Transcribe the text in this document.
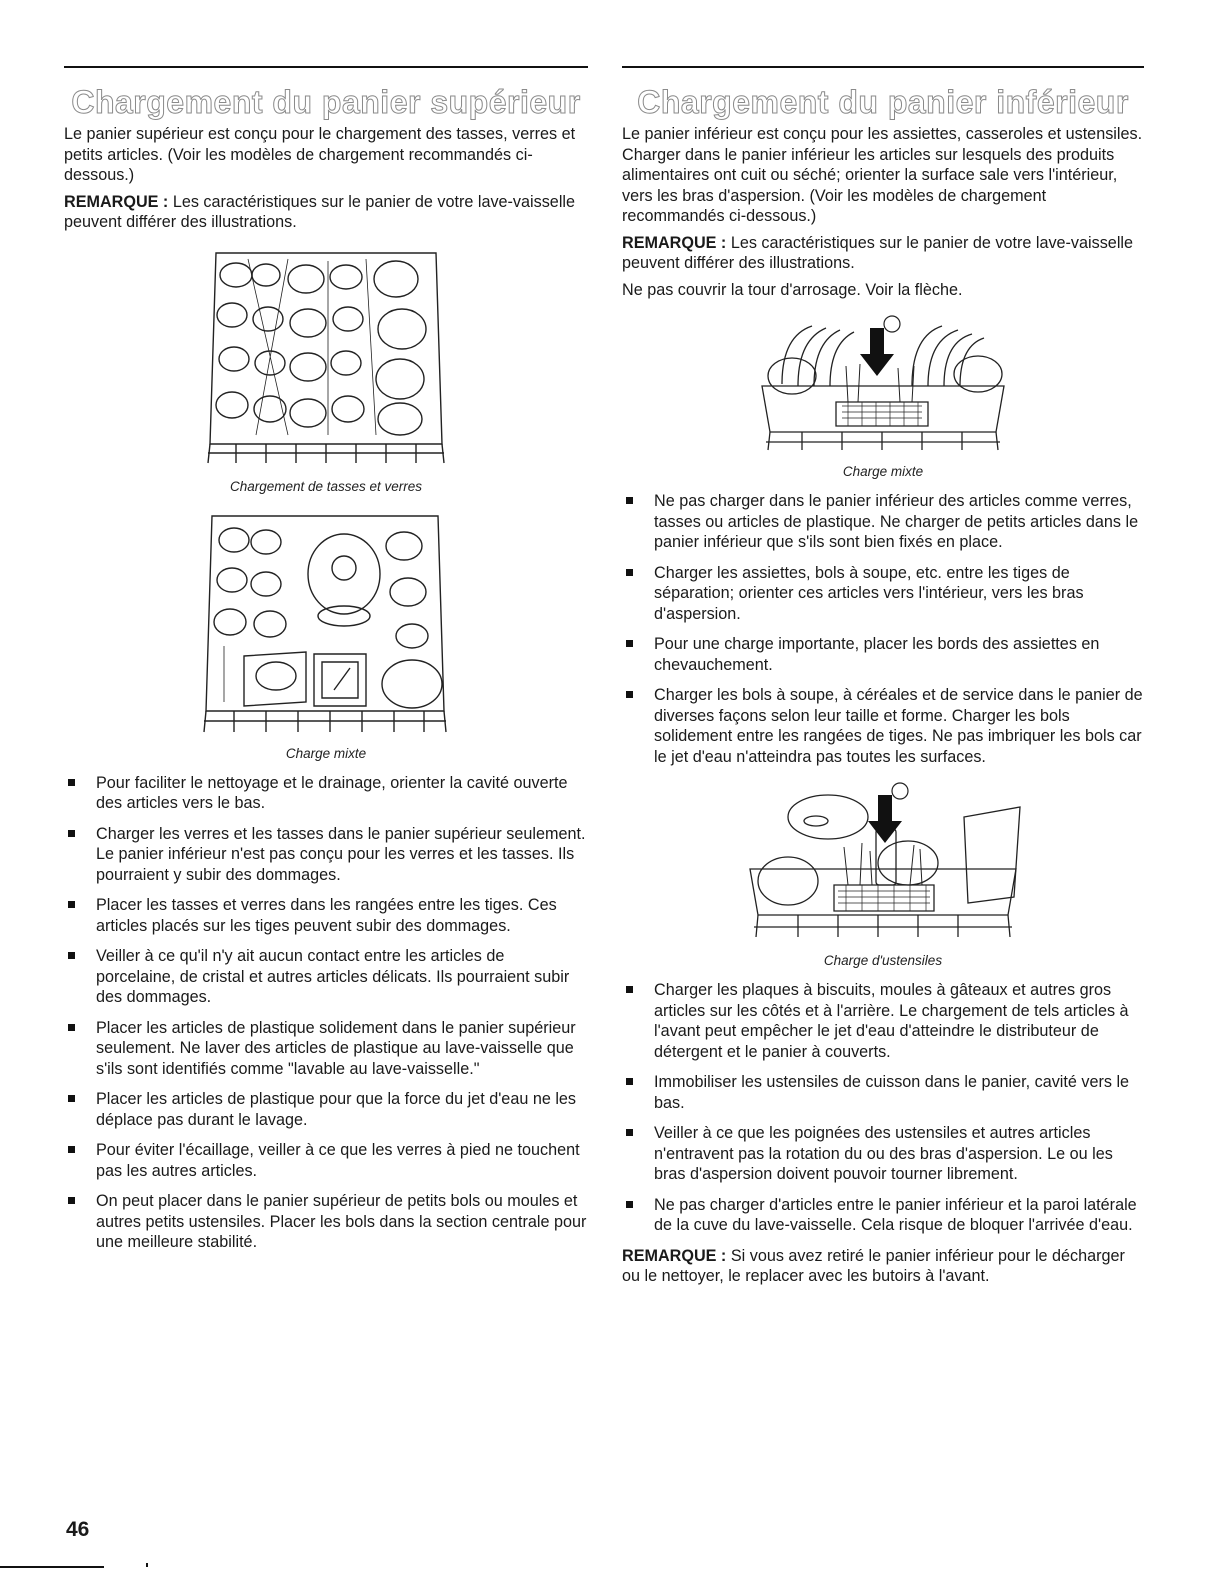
Chargement du panier supérieur

Le panier supérieur est conçu pour le chargement des tasses, verres et petits articles. (Voir les modèles de chargement recommandés ci-dessous.)

REMARQUE : Les caractéristiques sur le panier de votre lave-vaisselle peuvent différer des illustrations.

Chargement de tasses et verres
Charge mixte
Pour faciliter le nettoyage et le drainage, orienter la cavité ouverte des articles vers le bas.
Charger les verres et les tasses dans le panier supérieur seulement. Le panier inférieur n'est pas conçu pour les verres et les tasses. Ils pourraient y subir des dommages.
Placer les tasses et verres dans les rangées entre les tiges. Ces articles placés sur les tiges peuvent subir des dommages.
Veiller à ce qu'il n'y ait aucun contact entre les articles de porcelaine, de cristal et autres articles délicats. Ils pourraient subir des dommages.
Placer les articles de plastique solidement dans le panier supérieur seulement. Ne laver des articles de plastique au lave-vaisselle que s'ils sont identifiés comme "lavable au lave-vaisselle."
Placer les articles de plastique pour que la force du jet d'eau ne les déplace pas durant le lavage.
Pour éviter l'écaillage, veiller à ce que les verres à pied ne touchent pas les autres articles.
On peut placer dans le panier supérieur de petits bols ou moules et autres petits ustensiles. Placer les bols dans la section centrale pour une meilleure stabilité.
Chargement du panier inférieur

Le panier inférieur est conçu pour les assiettes, casseroles et ustensiles. Charger dans le panier inférieur les articles sur lesquels des produits alimentaires ont cuit ou séché; orienter la surface sale vers l'intérieur, vers les bras d'aspersion. (Voir les modèles de chargement recommandés ci-dessous.)

REMARQUE : Les caractéristiques sur le panier de votre lave-vaisselle peuvent différer des illustrations.

Ne pas couvrir la tour d'arrosage. Voir la flèche.

Charge mixte
Ne pas charger dans le panier inférieur des articles comme verres, tasses ou articles de plastique. Ne charger de petits articles dans le panier inférieur que s'ils sont bien fixés en place.
Charger les assiettes, bols à soupe, etc. entre les tiges de séparation; orienter ces articles vers l'intérieur, vers les bras d'aspersion.
Pour une charge importante, placer les bords des assiettes en chevauchement.
Charger les bols à soupe, à céréales et de service dans le panier de diverses façons selon leur taille et forme. Charger les bols solidement entre les rangées de tiges. Ne pas imbriquer les bols car le jet d'eau n'atteindra pas toutes les surfaces.
Charge d'ustensiles
Charger les plaques à biscuits, moules à gâteaux et autres gros articles sur les côtés et à l'arrière. Le chargement de tels articles à l'avant peut empêcher le jet d'eau d'atteindre le distributeur de détergent et le panier à couverts.
Immobiliser les ustensiles de cuisson dans le panier, cavité vers le bas.
Veiller à ce que les poignées des ustensiles et autres articles n'entravent pas la rotation du ou des bras d'aspersion. Le ou les bras d'aspersion doivent pouvoir tourner librement.
Ne pas charger d'articles entre le panier inférieur et la paroi latérale de la cuve du lave-vaisselle. Cela risque de bloquer l'arrivée d'eau.

REMARQUE : Si vous avez retiré le panier inférieur pour le décharger ou le nettoyer, le replacer avec les butoirs à l'avant.

46
